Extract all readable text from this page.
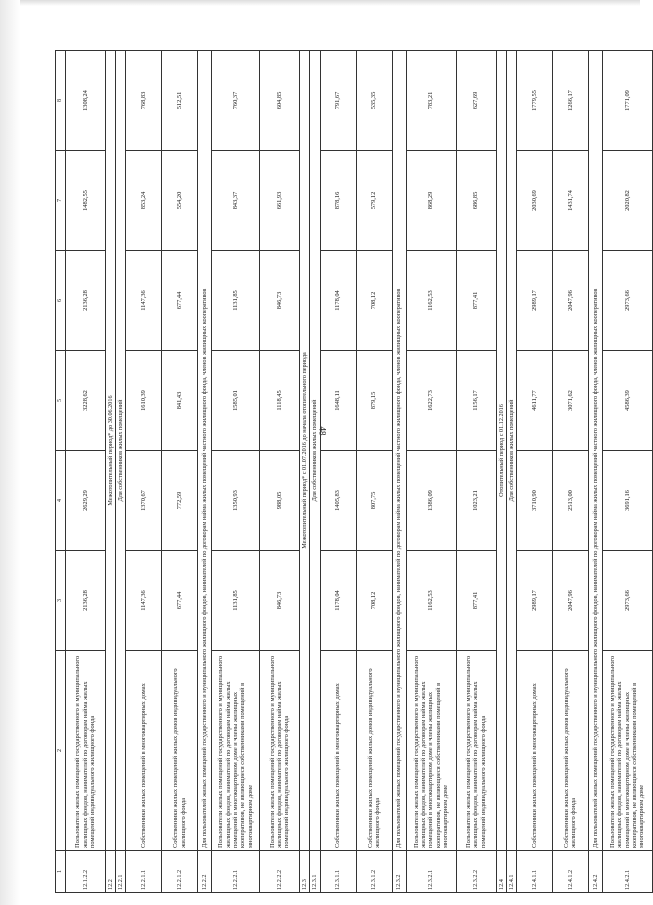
48
1	2	3	4	5	6	7	8
12.1.2.2	Пользователи жилых помещений государственного и муниципального жилищных фондов, нанимателей по договорам найма жилых помещений индивидуального жилищного фонда	2136,28	2629,29	3228,62	2136,28	1482,55	1308,24
12.2	Межотопительный период* до 30.06.2016						
12.2.1	Для собственников жилых помещений						
12.2.1.1	Собственники жилых помещений в многоквартирных домах	1147,36	1370,67	1610,39	1147,36	853,24	768,83
12.2.1.2	Собственники жилых помещений жилых домов индивидуального жилищного фонда	677,44	772,59	841,43	677,44	554,20	512,51
12.2.2	Для пользователей жилых помещений государственного и муниципального жилищного фондов, нанимателей по договорам найма жилых помещений частного жилищного фонда, членов жилищных кооперативов						
12.2.2.1	Пользователи жилых помещений государственного и муниципального жилищных фондов, нанимателей по договорам найма жилых помещений в многоквартирном доме и члены жилищных кооперативов, не являющиеся собственниками помещений в многоквартирном доме	1131,85	1350,93	1585,01	1131,85	843,37	760,37
12.2.2.2	Пользователи жилых помещений государственного и муниципального жилищных фондов, нанимателей по договорам найма жилых помещений индивидуального жилищного фонда	846,73	988,05	1118,45	846,73	661,93	604,85
12.3	Межотопительный период* с 01.07.2016 до начала отопительного периода						
12.3.1	Для собственников жилых помещений						
12.3.1.1	Собственники жилых помещений в многоквартирных домах	1178,04	1405,83	1648,11	1178,04	878,16	791,67
12.3.1.2	Собственники жилых помещений жилых домов индивидуального жилищного фонда	708,12	807,75	879,15	708,12	579,12	535,35
12.3.2	Для пользователей жилых помещений государственного и муниципального жилищного фондов, нанимателей по договорам найма жилых помещений частного жилищного фонда, членов жилищных кооперативов						
12.3.2.1	Пользователи жилых помещений государственного и муниципального жилищных фондов, нанимателей по договорам найма жилых помещений в многоквартирном доме и члены жилищных кооперативов, не являющиеся собственниками помещений в многоквартирном доме	1162,53	1386,09	1622,73	1162,53	868,29	783,21
12.3.2.2	Пользователи жилых помещений государственного и муниципального жилищных фондов, нанимателей по договорам найма жилых помещений индивидуального жилищного фонда	877,41	1023,21	1156,17	877,41	686,85	627,69
12.4	Отопительный период с 01.12.2016						
12.4.1	Для собственников жилых помещений						
12.4.1.1	Собственники жилых помещений в многоквартирных домах	2989,17	3710,90	4611,77	2989,17	2030,69	1779,55
12.4.1.2	Собственники жилых помещений жилых домов индивидуального жилищного фонда	2047,96	2513,00	3071,62	2047,96	1431,74	1266,17
12.4.2	Для пользователей жилых помещений государственного и муниципального жилищного фондов, нанимателей по договорам найма жилых помещений частного жилищного фонда, членов жилищных кооперативов						
12.4.2.1	Пользователи жилых помещений государственного и муниципального жилищных фондов, нанимателей по договорам найма жилых помещений в многоквартирном доме и члены жилищных кооперативов, не являющиеся собственниками помещений в многоквартирном доме	2973,66	3691,16	4586,39	2973,66	2020,82	1771,09
